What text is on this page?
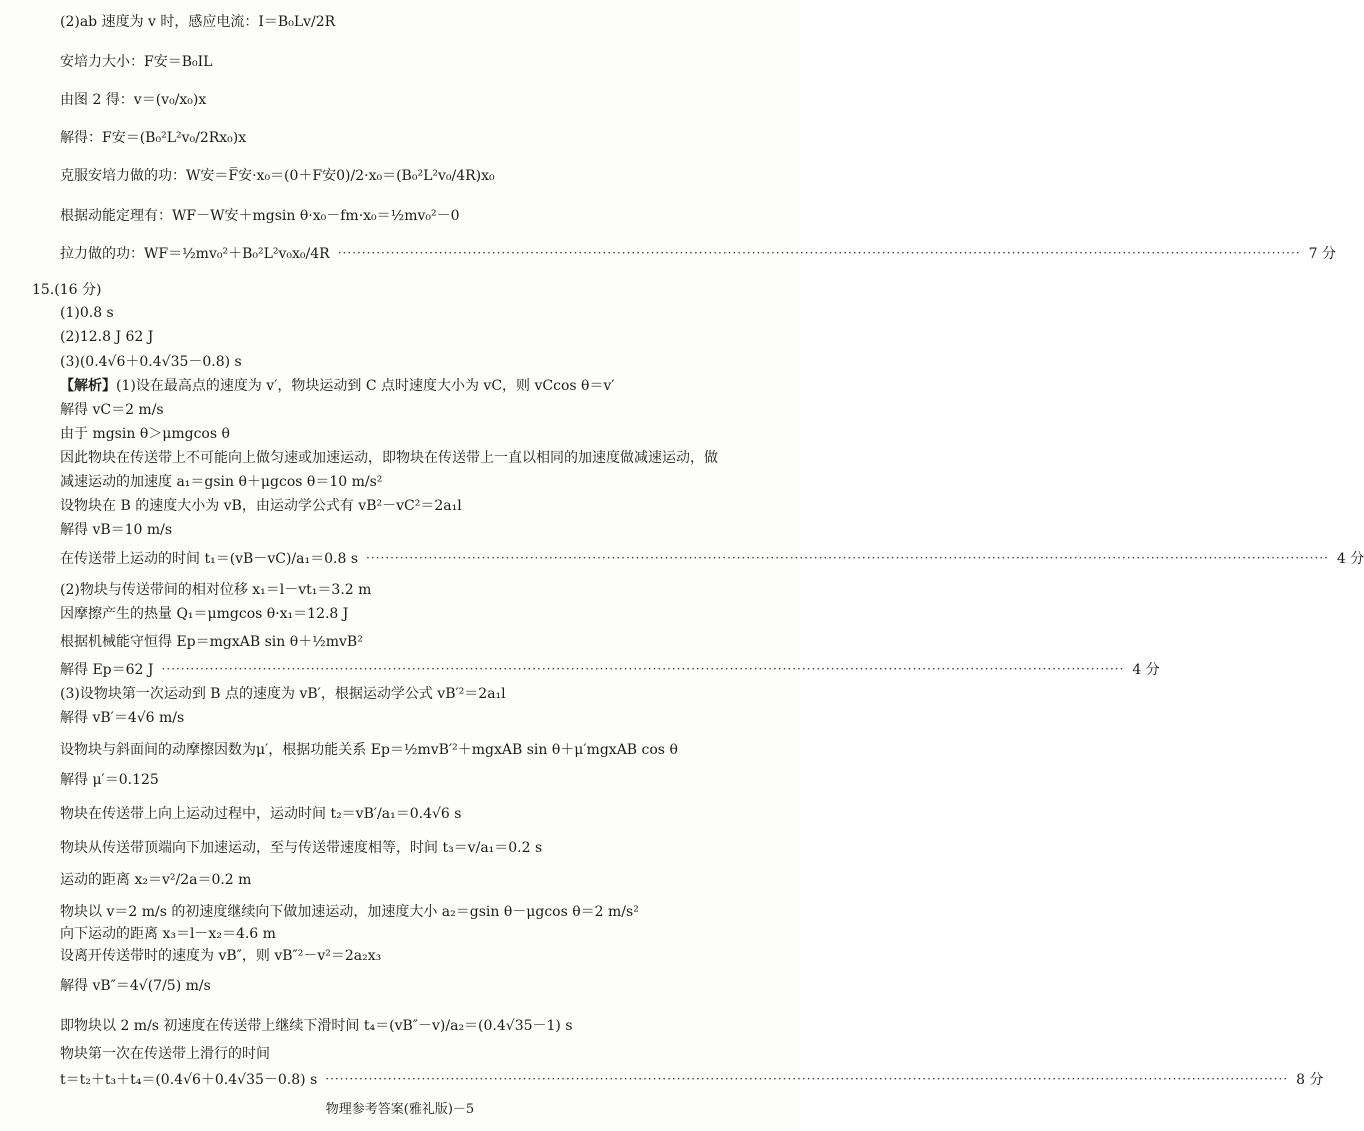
(2)ab 速度为 v 时，感应电流：I＝B₀Lv/2R
安培力大小：F安＝B₀IL
由图 2 得：v＝(v₀/x₀)x
解得：F安＝(B₀²L²v₀/2Rx₀)x
克服安培力做的功：W安＝F̅安·x₀＝(0＋F安0)/2·x₀＝(B₀²L²v₀/4R)x₀
根据动能定理有：WF－W安＋mgsin θ·x₀－fm·x₀＝½mv₀²－0
拉力做的功：WF＝½mv₀²＋B₀²L²v₀x₀/4R ········································································································································································································ 7 分
15.(16 分)
(1)0.8 s
(2)12.8 J 62 J
(3)(0.4√6＋0.4√35－0.8) s
【解析】(1)设在最高点的速度为 v′，物块运动到 C 点时速度大小为 vC，则 vCcos θ＝v′
解得 vC＝2 m/s
由于 mgsin θ＞μmgcos θ
因此物块在传送带上不可能向上做匀速或加速运动，即物块在传送带上一直以相同的加速度做减速运动，做
减速运动的加速度 a₁＝gsin θ＋μgcos θ＝10 m/s²
设物块在 B 的速度大小为 vB，由运动学公式有 vB²－vC²＝2a₁l
解得 vB＝10 m/s
在传送带上运动的时间 t₁＝(vB－vC)/a₁＝0.8 s ········································································································································································································ 4 分
(2)物块与传送带间的相对位移 x₁＝l－vt₁＝3.2 m
因摩擦产生的热量 Q₁＝μmgcos θ·x₁＝12.8 J
根据机械能守恒得 Ep＝mgxAB sin θ＋½mvB²
解得 Ep＝62 J ········································································································································································································ 4 分
(3)设物块第一次运动到 B 点的速度为 vB′，根据运动学公式 vB′²＝2a₁l
解得 vB′＝4√6 m/s
设物块与斜面间的动摩擦因数为μ′，根据功能关系 Ep＝½mvB′²＋mgxAB sin θ＋μ′mgxAB cos θ
解得 μ′＝0.125
物块在传送带上向上运动过程中，运动时间 t₂＝vB′/a₁＝0.4√6 s
物块从传送带顶端向下加速运动，至与传送带速度相等，时间 t₃＝v/a₁＝0.2 s
运动的距离 x₂＝v²/2a＝0.2 m
物块以 v＝2 m/s 的初速度继续向下做加速运动，加速度大小 a₂＝gsin θ－μgcos θ＝2 m/s²
向下运动的距离 x₃＝l－x₂＝4.6 m
设离开传送带时的速度为 vB″，则 vB″²－v²＝2a₂x₃
解得 vB″＝4√(7/5) m/s
即物块以 2 m/s 初速度在传送带上继续下滑时间 t₄＝(vB″－v)/a₂＝(0.4√35－1) s
物块第一次在传送带上滑行的时间
t＝t₂＋t₃＋t₄＝(0.4√6＋0.4√35－0.8) s ········································································································································································································ 8 分
物理参考答案(雅礼版)－5
